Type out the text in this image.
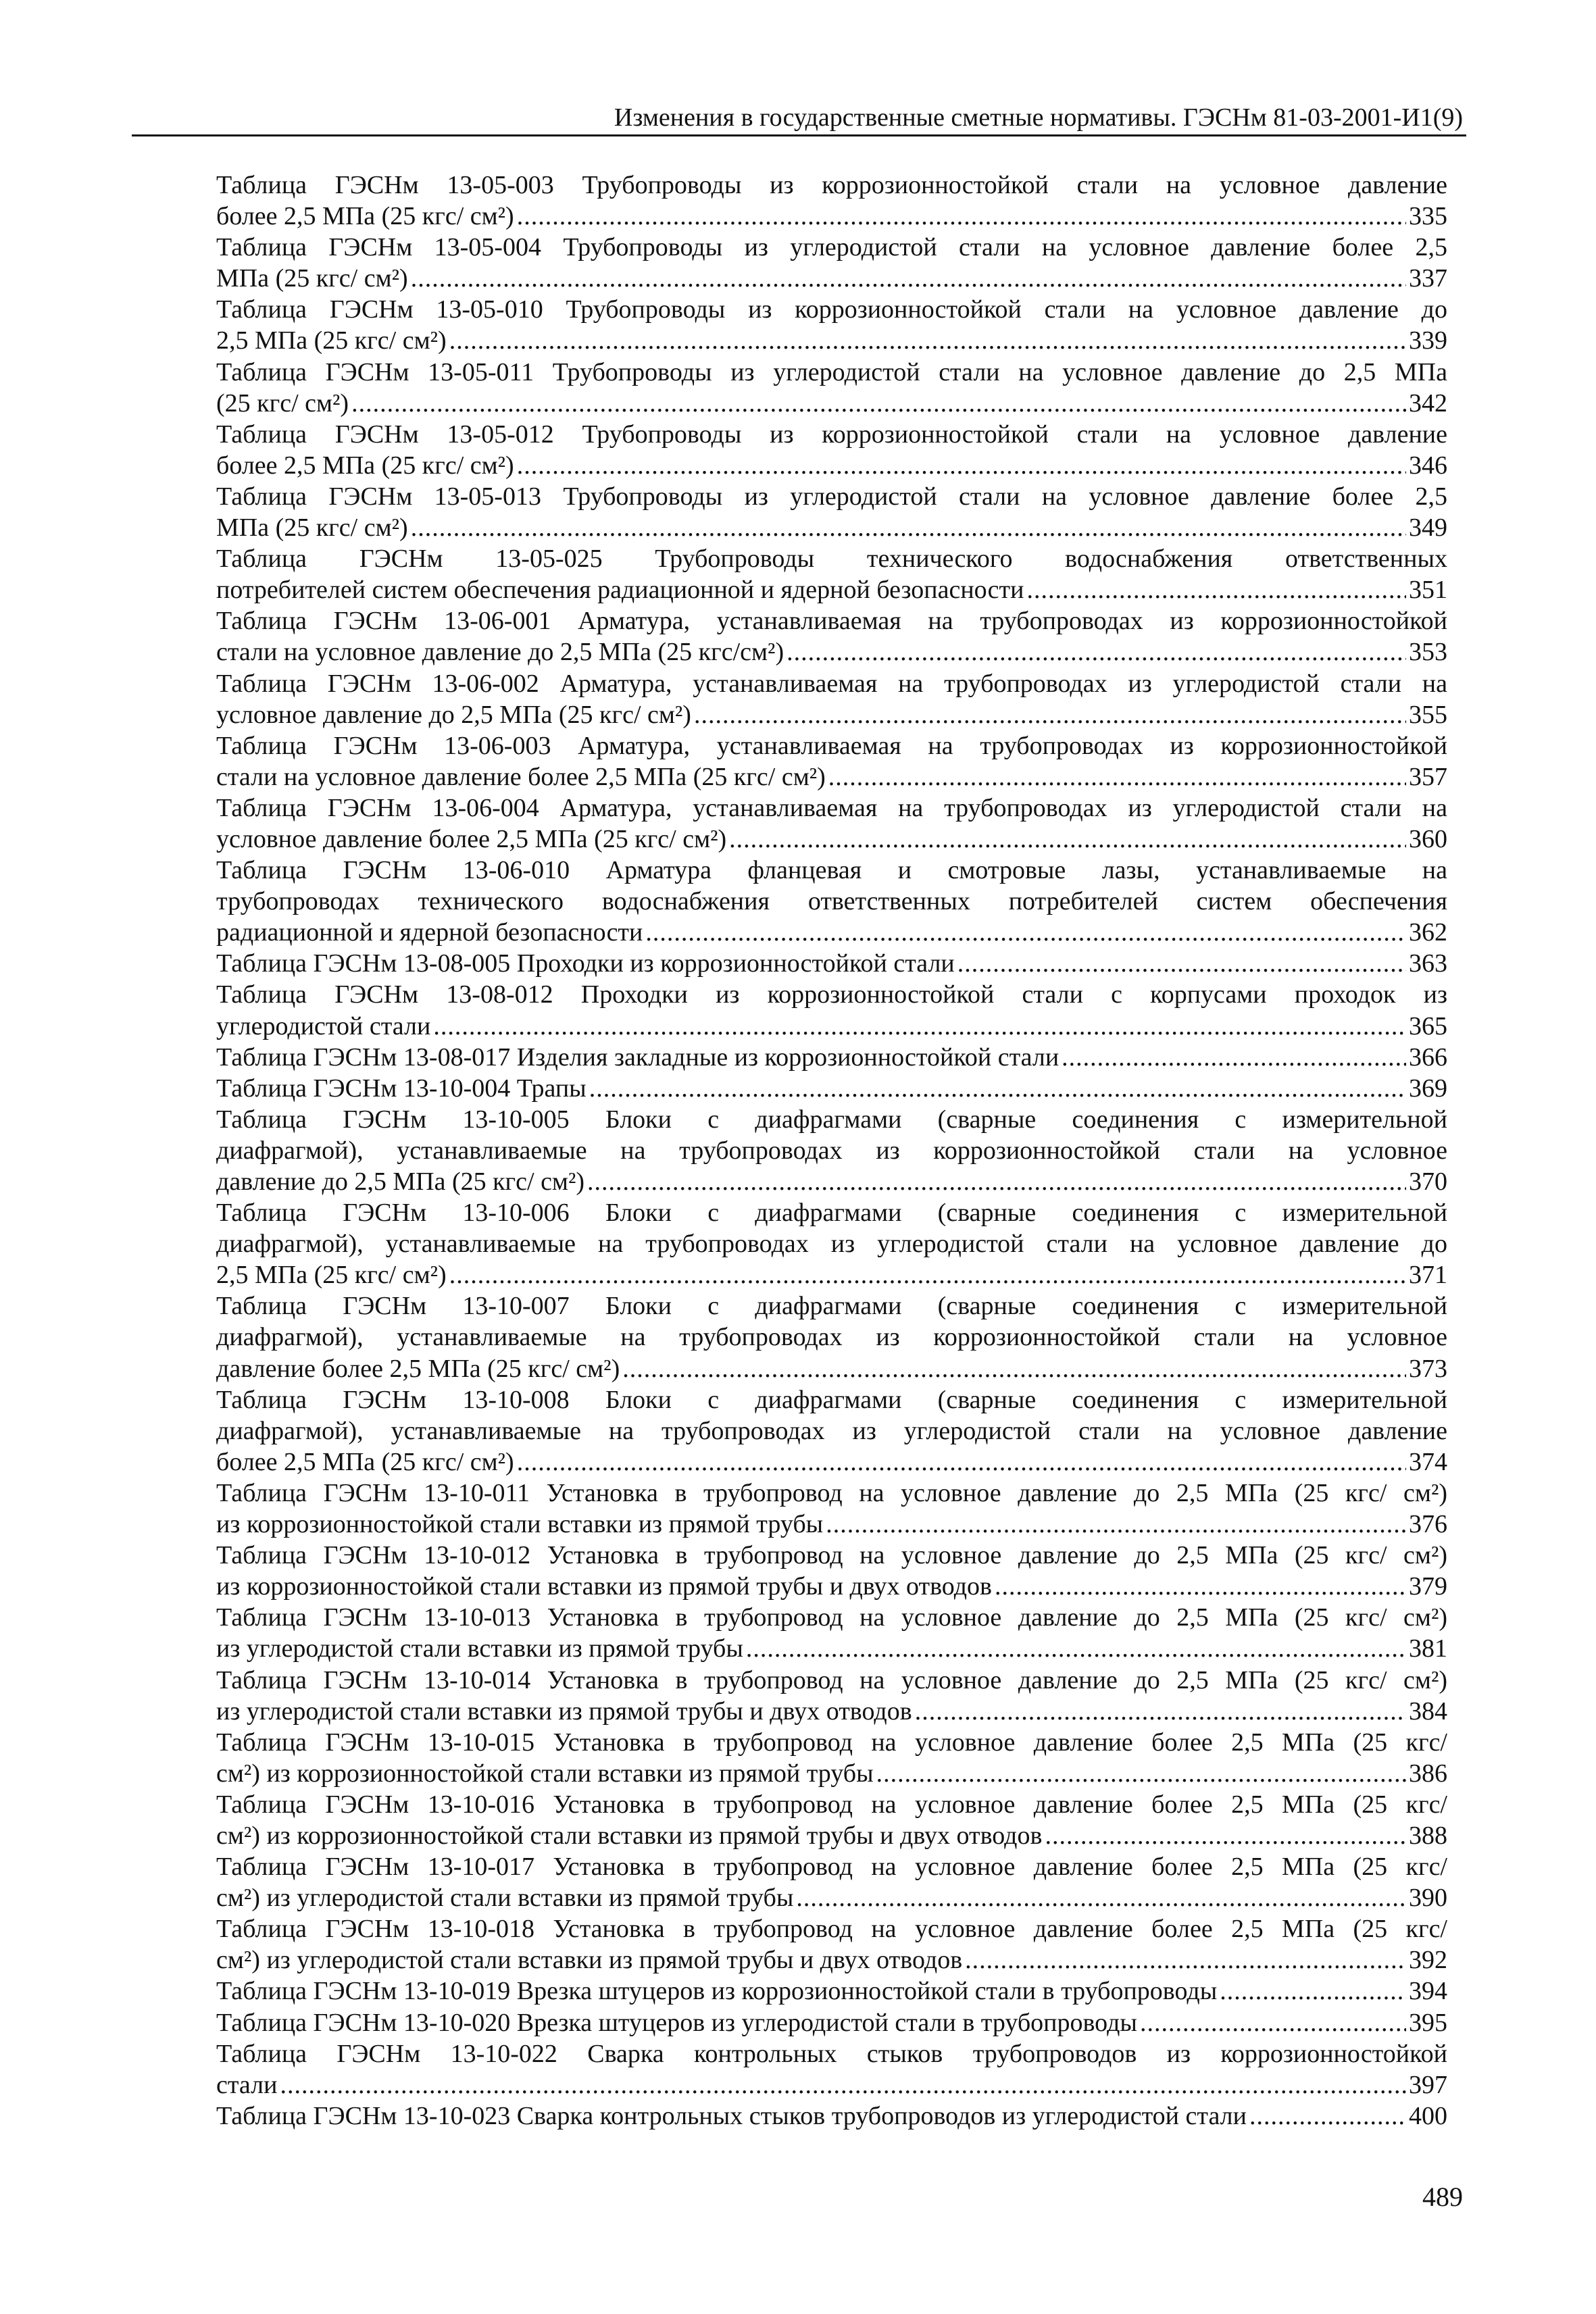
Изменения в государственные сметные нормативы. ГЭСНм 81-03-2001-И1(9)
Таблица ГЭСНм 13-05-003 Трубопроводы из коррозионностойкой стали на условное давление
более 2,5 МПа (25 кгс/ см²) .....	335
Таблица ГЭСНм 13-05-004 Трубопроводы из углеродистой стали на условное давление более 2,5
МПа (25 кгс/ см²) .....	337
Таблица ГЭСНм 13-05-010 Трубопроводы из коррозионностойкой стали на условное давление до
2,5 МПа (25 кгс/ см²) .....	339
Таблица ГЭСНм 13-05-011 Трубопроводы из углеродистой стали на условное давление до 2,5 МПа
(25 кгс/ см²) .....	342
Таблица ГЭСНм 13-05-012 Трубопроводы из коррозионностойкой стали на условное давление
более 2,5 МПа (25 кгс/ см²) .....	346
Таблица ГЭСНм 13-05-013 Трубопроводы из углеродистой стали на условное давление более 2,5
МПа (25 кгс/ см²) .....	349
Таблица ГЭСНм 13-05-025 Трубопроводы технического водоснабжения ответственных
потребителей систем обеспечения радиационной и ядерной безопасности .....	351
Таблица ГЭСНм 13-06-001 Арматура, устанавливаемая на трубопроводах из коррозионностойкой
стали на условное давление до 2,5 МПа (25 кгс/см²) .....	353
Таблица ГЭСНм 13-06-002 Арматура, устанавливаемая на трубопроводах из углеродистой стали на
условное давление до 2,5 МПа (25 кгс/ см²) .....	355
Таблица ГЭСНм 13-06-003 Арматура, устанавливаемая на трубопроводах из коррозионностойкой
стали на условное давление более 2,5 МПа (25 кгс/ см²) .....	357
Таблица ГЭСНм 13-06-004 Арматура, устанавливаемая на трубопроводах из углеродистой стали на
условное давление более 2,5 МПа (25 кгс/ см²) .....	360
Таблица ГЭСНм 13-06-010 Арматура фланцевая и смотровые лазы, устанавливаемые на
трубопроводах технического водоснабжения ответственных потребителей систем обеспечения
радиационной и ядерной безопасности .....	362
Таблица ГЭСНм 13-08-005 Проходки из коррозионностойкой стали .....	363
Таблица ГЭСНм 13-08-012 Проходки из коррозионностойкой стали с корпусами проходок из
углеродистой стали .....	365
Таблица ГЭСНм 13-08-017 Изделия закладные из коррозионностойкой стали .....	366
Таблица ГЭСНм 13-10-004 Трапы .....	369
Таблица ГЭСНм 13-10-005 Блоки с диафрагмами (сварные соединения с измерительной
диафрагмой), устанавливаемые на трубопроводах из коррозионностойкой стали на условное
давление до 2,5 МПа (25 кгс/ см²) .....	370
Таблица ГЭСНм 13-10-006 Блоки с диафрагмами (сварные соединения с измерительной
диафрагмой), устанавливаемые на трубопроводах из углеродистой стали на условное давление до
2,5 МПа (25 кгс/ см²) .....	371
Таблица ГЭСНм 13-10-007 Блоки с диафрагмами (сварные соединения с измерительной
диафрагмой), устанавливаемые на трубопроводах из коррозионностойкой стали на условное
давление более 2,5 МПа (25 кгс/ см²) .....	373
Таблица ГЭСНм 13-10-008 Блоки с диафрагмами (сварные соединения с измерительной
диафрагмой), устанавливаемые на трубопроводах из углеродистой стали на условное давление
более 2,5 МПа (25 кгс/ см²) .....	374
Таблица ГЭСНм 13-10-011 Установка в трубопровод на условное давление до 2,5 МПа (25 кгс/ см²)
из коррозионностойкой стали вставки из прямой трубы .....	376
Таблица ГЭСНм 13-10-012 Установка в трубопровод на условное давление до 2,5 МПа (25 кгс/ см²)
из коррозионностойкой стали вставки из прямой трубы и двух отводов .....	379
Таблица ГЭСНм 13-10-013 Установка в трубопровод на условное давление до 2,5 МПа (25 кгс/ см²)
из углеродистой стали вставки из прямой трубы .....	381
Таблица ГЭСНм 13-10-014 Установка в трубопровод на условное давление до 2,5 МПа (25 кгс/ см²)
из углеродистой стали вставки из прямой трубы и двух отводов .....	384
Таблица ГЭСНм 13-10-015 Установка в трубопровод на условное давление более 2,5 МПа (25 кгс/
см²) из коррозионностойкой стали вставки из прямой трубы .....	386
Таблица ГЭСНм 13-10-016 Установка в трубопровод на условное давление более 2,5 МПа (25 кгс/
см²) из коррозионностойкой стали вставки из прямой трубы и двух отводов .....	388
Таблица ГЭСНм 13-10-017 Установка в трубопровод на условное давление более 2,5 МПа (25 кгс/
см²) из углеродистой стали вставки из прямой трубы .....	390
Таблица ГЭСНм 13-10-018 Установка в трубопровод на условное давление более 2,5 МПа (25 кгс/
см²) из углеродистой стали вставки из прямой трубы и двух отводов .....	392
Таблица ГЭСНм 13-10-019 Врезка штуцеров из коррозионностойкой стали в трубопроводы .....	394
Таблица ГЭСНм 13-10-020 Врезка штуцеров из углеродистой стали в трубопроводы .....	395
Таблица ГЭСНм 13-10-022 Сварка контрольных стыков трубопроводов из коррозионностойкой
стали .....	397
Таблица ГЭСНм 13-10-023 Сварка контрольных стыков трубопроводов из углеродистой стали .....	400
489
